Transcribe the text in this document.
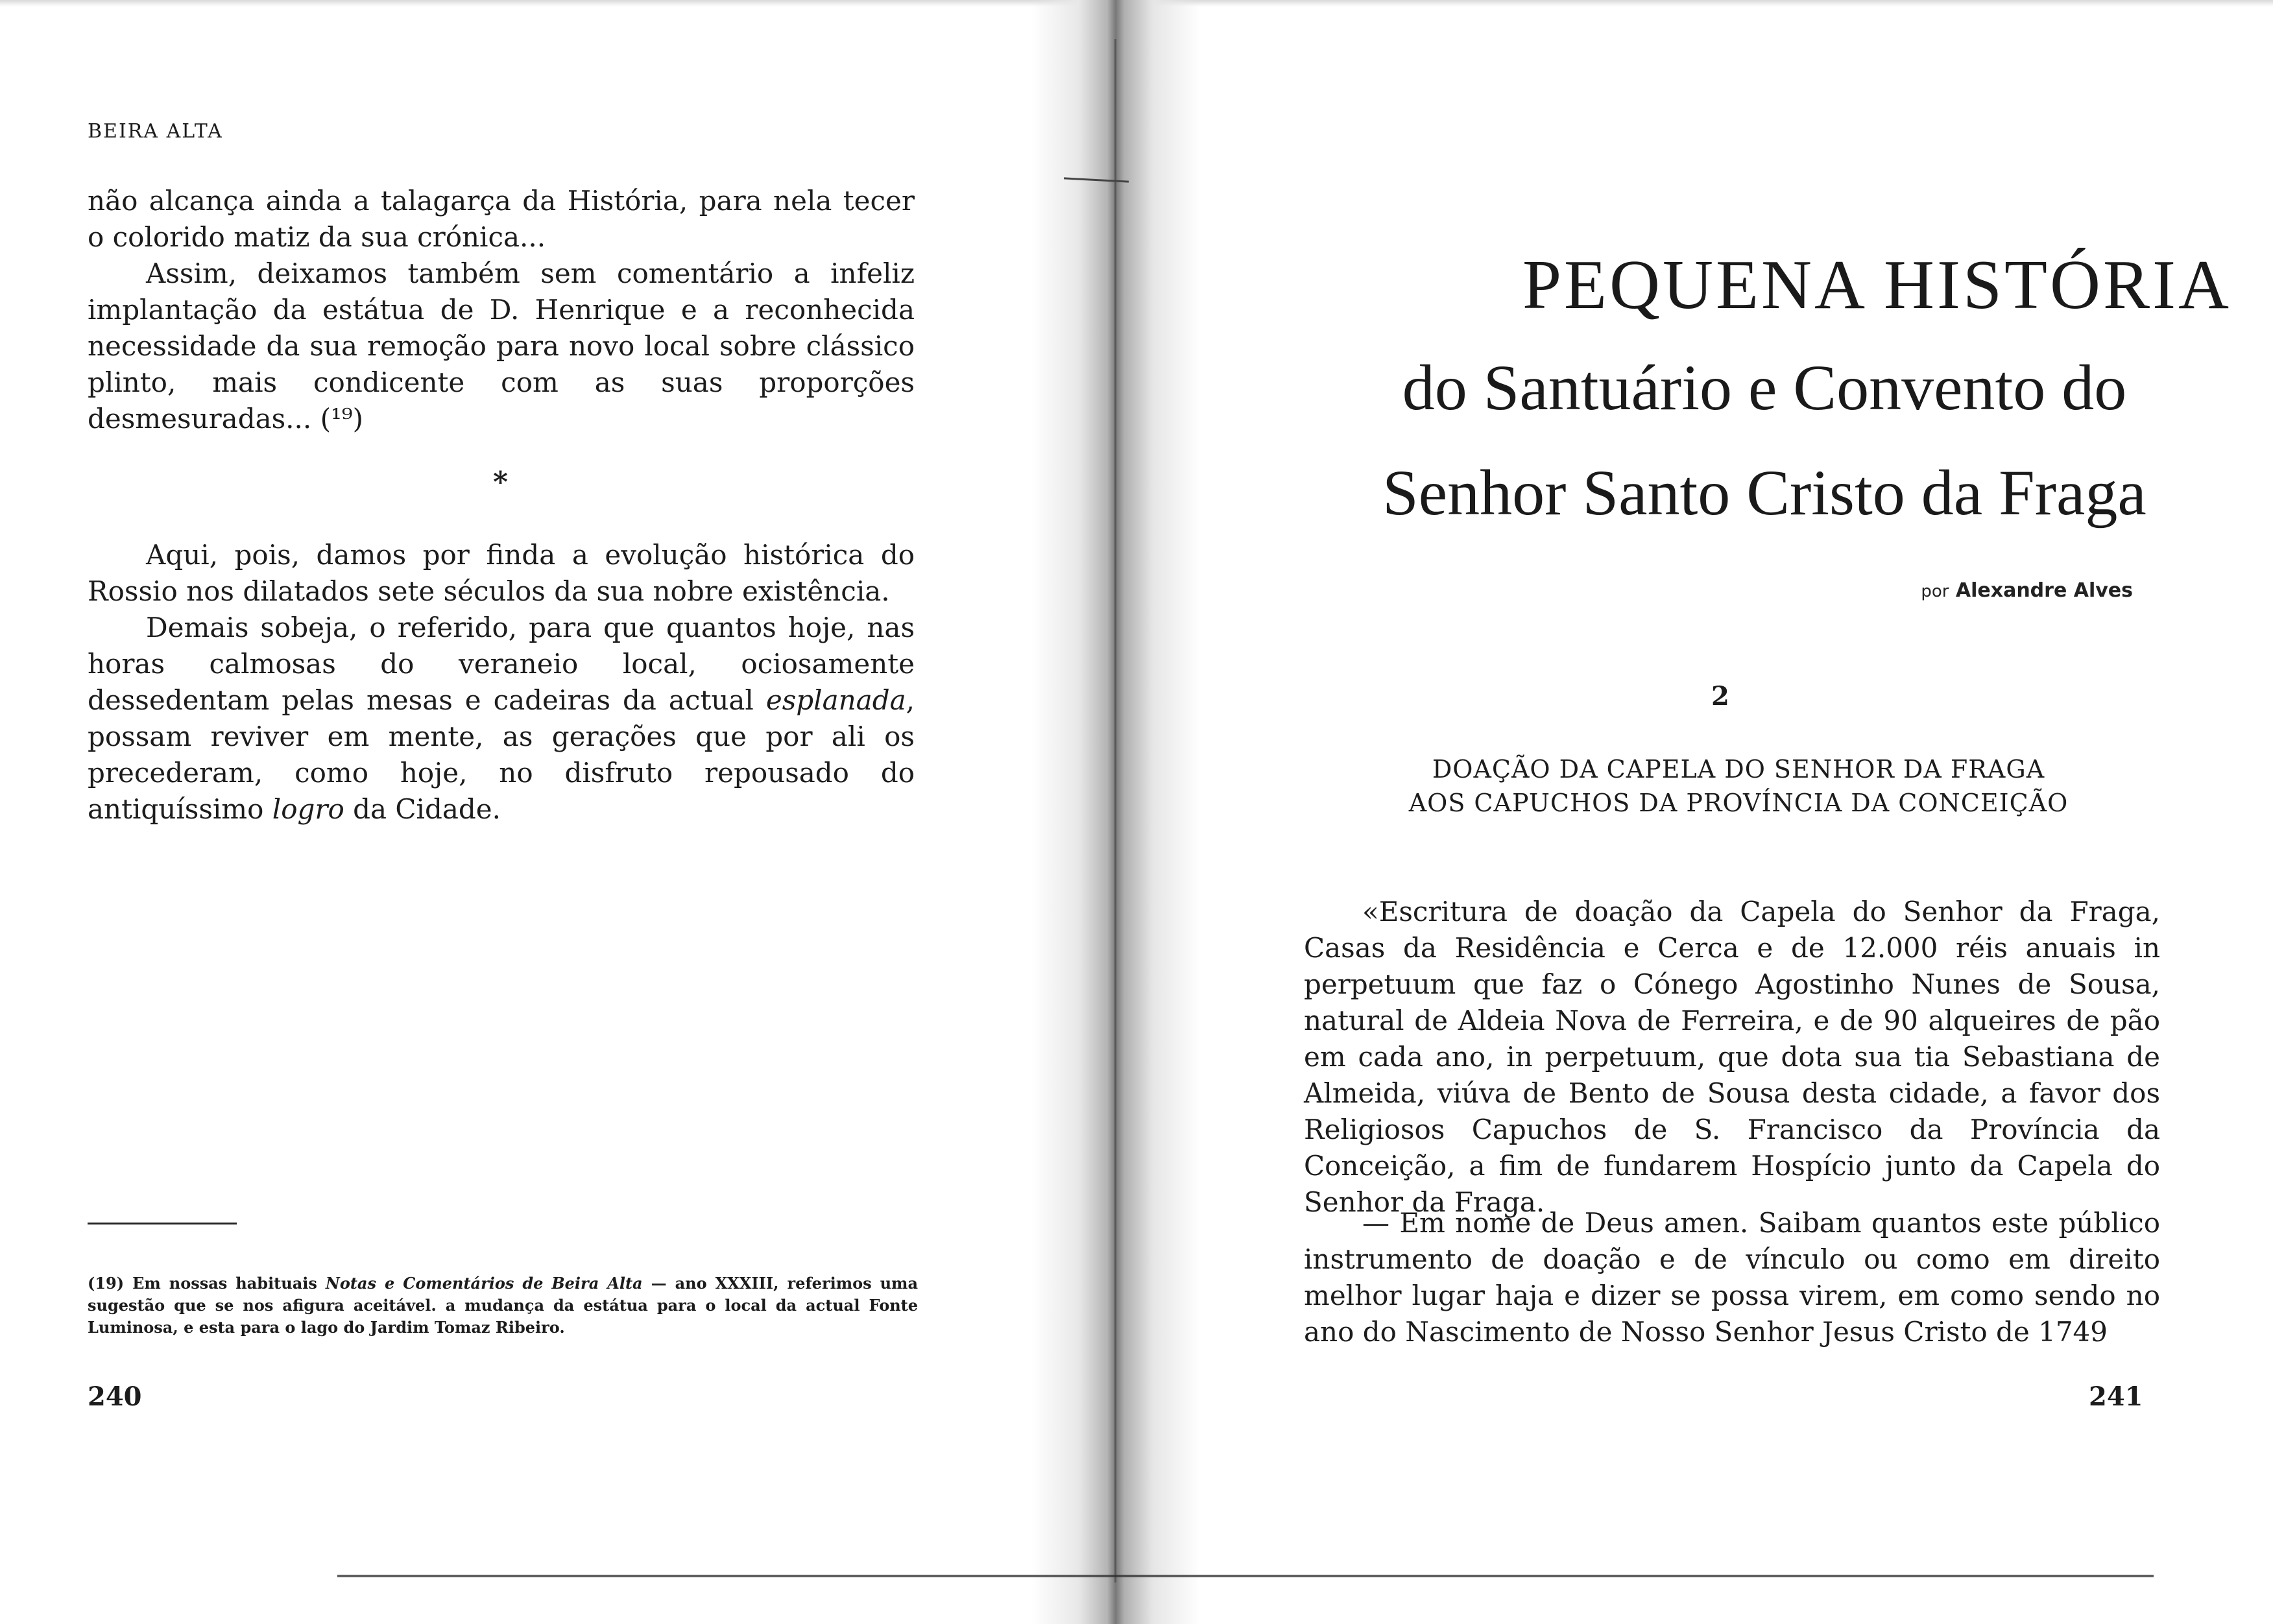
BEIRA ALTA

não alcança ainda a talagarça da História, para nela tecer o colorido matiz da sua crónica...

Assim, deixamos também sem comentário a infeliz implantação da estátua de D. Henrique e a reconhecida necessidade da sua remoção para novo local sobre clássico plinto, mais condicente com as suas proporções desmesuradas... (¹⁹)

*

Aqui, pois, damos por finda a evolução histórica do Rossio nos dilatados sete séculos da sua nobre existência.

Demais sobeja, o referido, para que quantos hoje, nas horas calmosas do veraneio local, ociosamente dessedentam pelas mesas e cadeiras da actual esplanada, possam reviver em mente, as gerações que por ali os precederam, como hoje, no disfruto repousado do antiquíssimo logro da Cidade.

(19) Em nossas habituais Notas e Comentários de Beira Alta — ano XXXIII, referimos uma sugestão que se nos afigura aceitável. a mudança da estátua para o local da actual Fonte Luminosa, e esta para o lago do Jardim Tomaz Ribeiro.

240
PEQUENA HISTÓRIA
do Santuário e Convento do
Senhor Santo Cristo da Fraga
por Alexandre Alves
2

DOAÇÃO DA CAPELA DO SENHOR DA FRAGA

AOS CAPUCHOS DA PROVÍNCIA DA CONCEIÇÃO

«Escritura de doação da Capela do Senhor da Fraga, Casas da Residência e Cerca e de 12.000 réis anuais in perpetuum que faz o Cónego Agostinho Nunes de Sousa, natural de Aldeia Nova de Ferreira, e de 90 alqueires de pão em cada ano, in perpetuum, que dota sua tia Sebastiana de Almeida, viúva de Bento de Sousa desta cidade, a favor dos Religiosos Capuchos de S. Francisco da Província da Conceição, a fim de fundarem Hospício junto da Capela do Senhor da Fraga.

— Em nome de Deus amen. Saibam quantos este público instrumento de doação e de vínculo ou como em direito melhor lugar haja e dizer se possa virem, em como sendo no ano do Nascimento de Nosso Senhor Jesus Cristo de 1749

241
